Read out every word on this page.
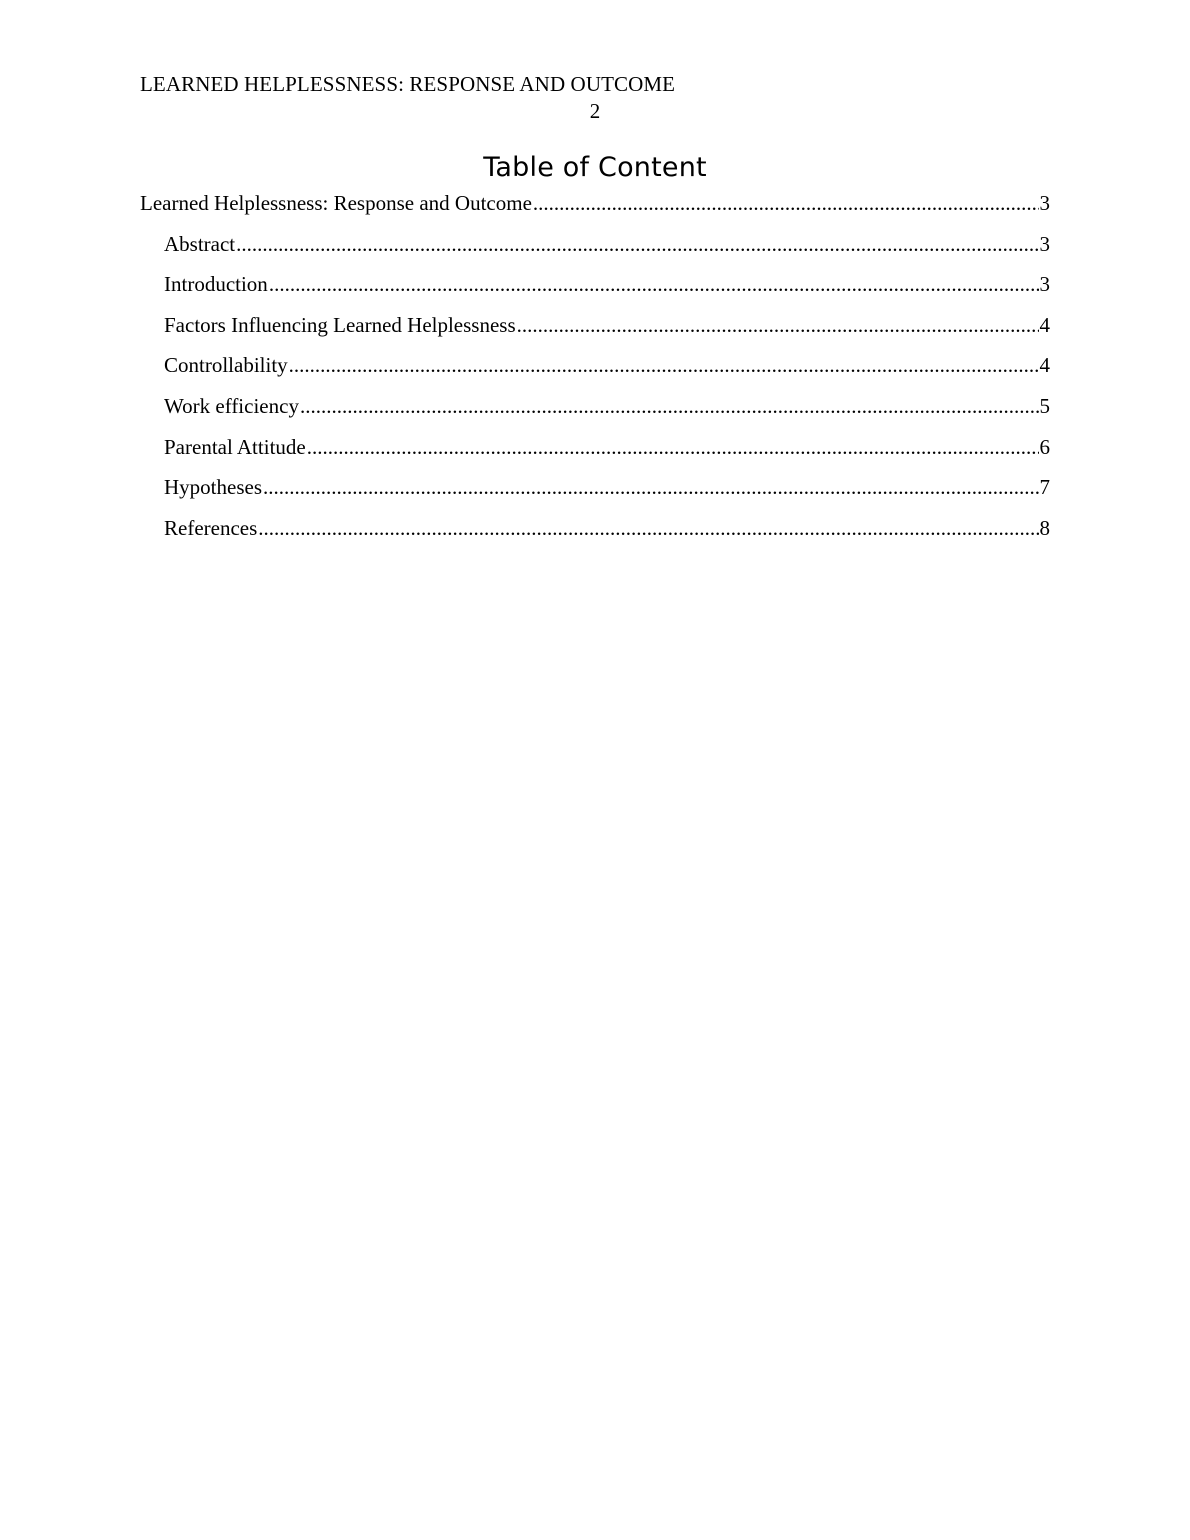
LEARNED HELPLESSNESS: RESPONSE AND OUTCOME
2
Table of Content
Learned Helplessness: Response and Outcome .....	3
Abstract .....	3
Introduction .....	3
Factors Influencing Learned Helplessness .....	4
Controllability .....	4
Work efficiency .....	5
Parental Attitude .....	6
Hypotheses .....	7
References .....	8
